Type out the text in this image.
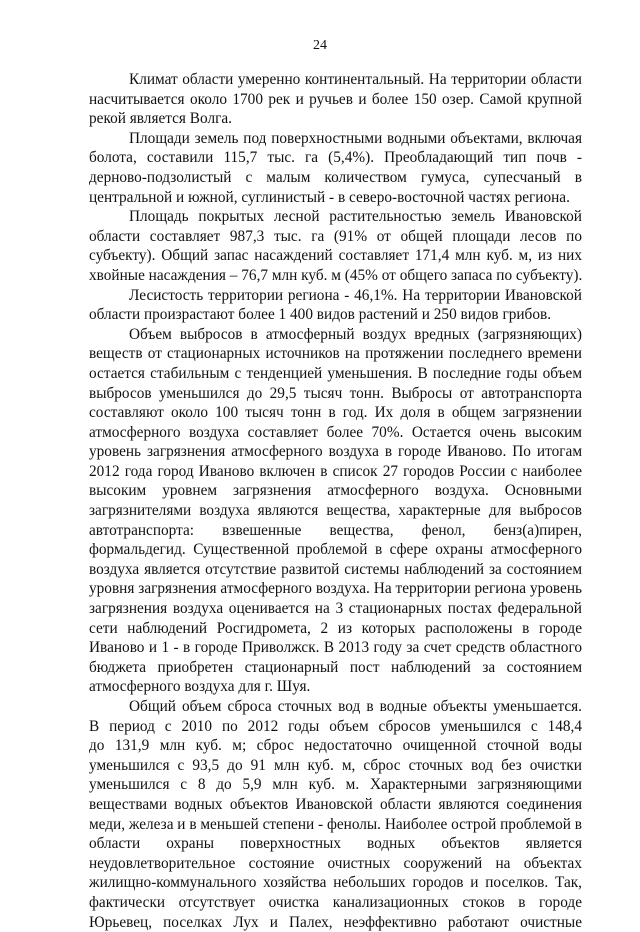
24
Климат области умеренно континентальный. На территории области
насчитывается около 1700 рек и ручьев и более 150 озер. Самой крупной
рекой является Волга.
Площади земель под поверхностными водными объектами, включая
болота, составили 115,7 тыс. га (5,4%). Преобладающий тип почв -
дерново-подзолистый с малым количеством гумуса, супесчаный в
центральной и южной, суглинистый - в северо-восточной частях региона.
Площадь покрытых лесной растительностью земель Ивановской
области составляет 987,3 тыс. га (91% от общей площади лесов по
субъекту). Общий запас насаждений составляет 171,4 млн куб. м, из них
хвойные насаждения – 76,7 млн куб. м (45% от общего запаса по субъекту).
Лесистость территории региона - 46,1%. На территории Ивановской
области произрастают более 1 400 видов растений и 250 видов грибов.
Объем выбросов в атмосферный воздух вредных (загрязняющих)
веществ от стационарных источников на протяжении последнего времени
остается стабильным с тенденцией уменьшения. В последние годы объем
выбросов уменьшился до 29,5 тысяч тонн. Выбросы от автотранспорта
составляют около 100 тысяч тонн в год. Их доля в общем загрязнении
атмосферного воздуха составляет более 70%. Остается очень высоким
уровень загрязнения атмосферного воздуха в городе Иваново. По итогам
2012 года город Иваново включен в список 27 городов России с наиболее
высоким уровнем загрязнения атмосферного воздуха. Основными
загрязнителями воздуха являются вещества, характерные для выбросов
автотранспорта: взвешенные вещества, фенол, бенз(а)пирен,
формальдегид. Существенной проблемой в сфере охраны атмосферного
воздуха является отсутствие развитой системы наблюдений за состоянием
уровня загрязнения атмосферного воздуха. На территории региона уровень
загрязнения воздуха оценивается на 3 стационарных постах федеральной
сети наблюдений Росгидромета, 2 из которых расположены в городе
Иваново и 1 - в городе Приволжск. В 2013 году за счет средств областного
бюджета приобретен стационарный пост наблюдений за состоянием
атмосферного воздуха для г. Шуя.
Общий объем сброса сточных вод в водные объекты уменьшается.
В период с 2010 по 2012 годы объем сбросов уменьшился с 148,4
до 131,9 млн куб. м; сброс недостаточно очищенной сточной воды
уменьшился с 93,5 до 91 млн куб. м, сброс сточных вод без очистки
уменьшился с 8 до 5,9 млн куб. м. Характерными загрязняющими
веществами водных объектов Ивановской области являются соединения
меди, железа и в меньшей степени - фенолы. Наиболее острой проблемой в
области охраны поверхностных водных объектов является
неудовлетворительное состояние очистных сооружений на объектах
жилищно-коммунального хозяйства небольших городов и поселков. Так,
фактически отсутствует очистка канализационных стоков в городе
Юрьевец, поселках Лух и Палех, неэффективно работают очистные
